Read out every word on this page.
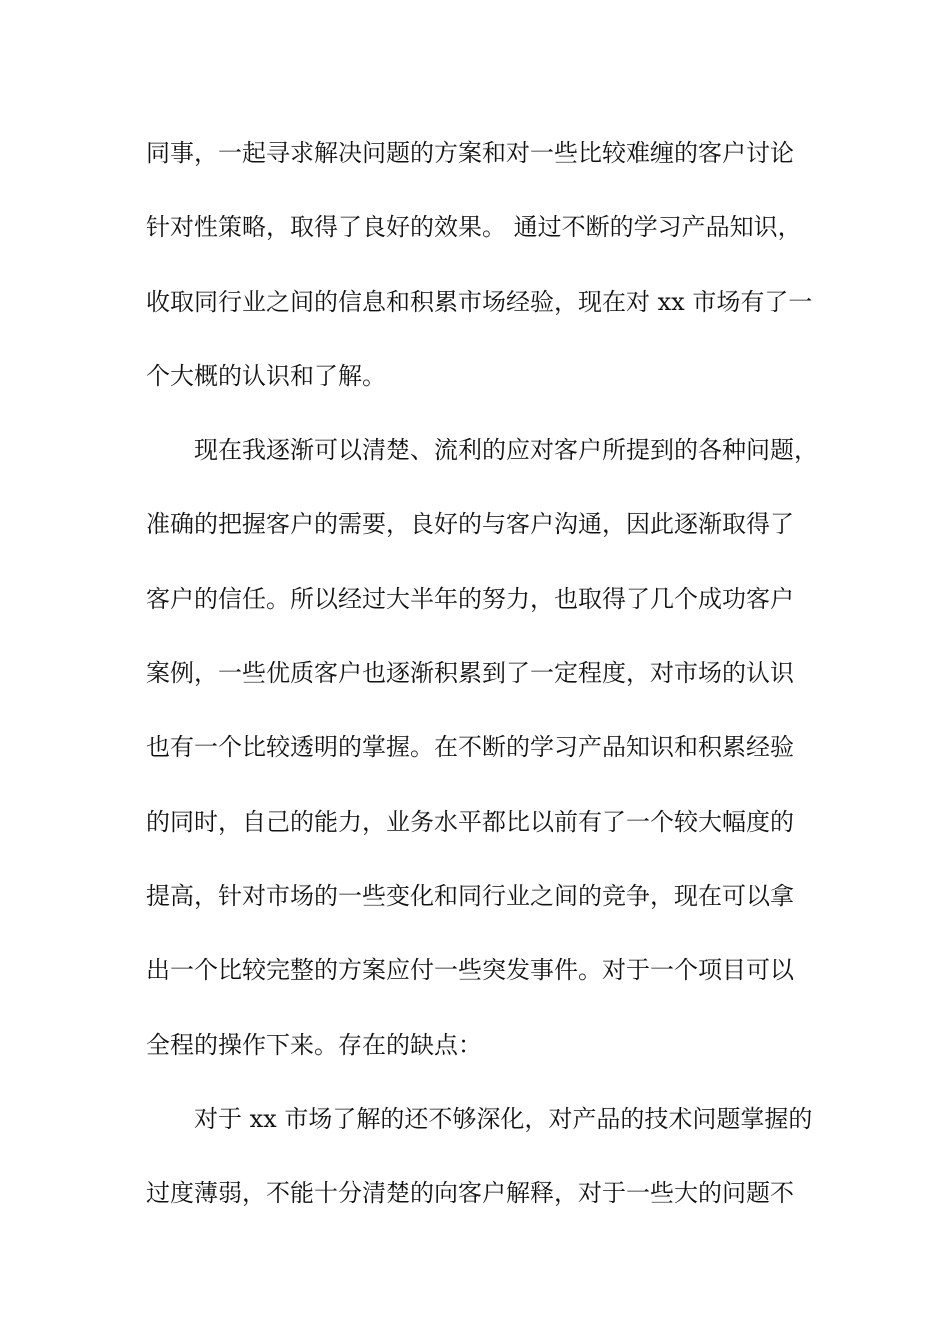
同事，一起寻求解决问题的方案和对一些比较难缠的客户讨论
针对性策略，取得了良好的效果。 通过不断的学习产品知识，
收取同行业之间的信息和积累市场经验，现在对 xx 市场有了一
个大概的认识和了解。
现在我逐渐可以清楚、流利的应对客户所提到的各种问题，
准确的把握客户的需要，良好的与客户沟通，因此逐渐取得了
客户的信任。所以经过大半年的努力，也取得了几个成功客户
案例，一些优质客户也逐渐积累到了一定程度，对市场的认识
也有一个比较透明的掌握。在不断的学习产品知识和积累经验
的同时，自己的能力，业务水平都比以前有了一个较大幅度的
提高，针对市场的一些变化和同行业之间的竞争，现在可以拿
出一个比较完整的方案应付一些突发事件。对于一个项目可以
全程的操作下来。存在的缺点：
对于 xx 市场了解的还不够深化，对产品的技术问题掌握的
过度薄弱，不能十分清楚的向客户解释，对于一些大的问题不
